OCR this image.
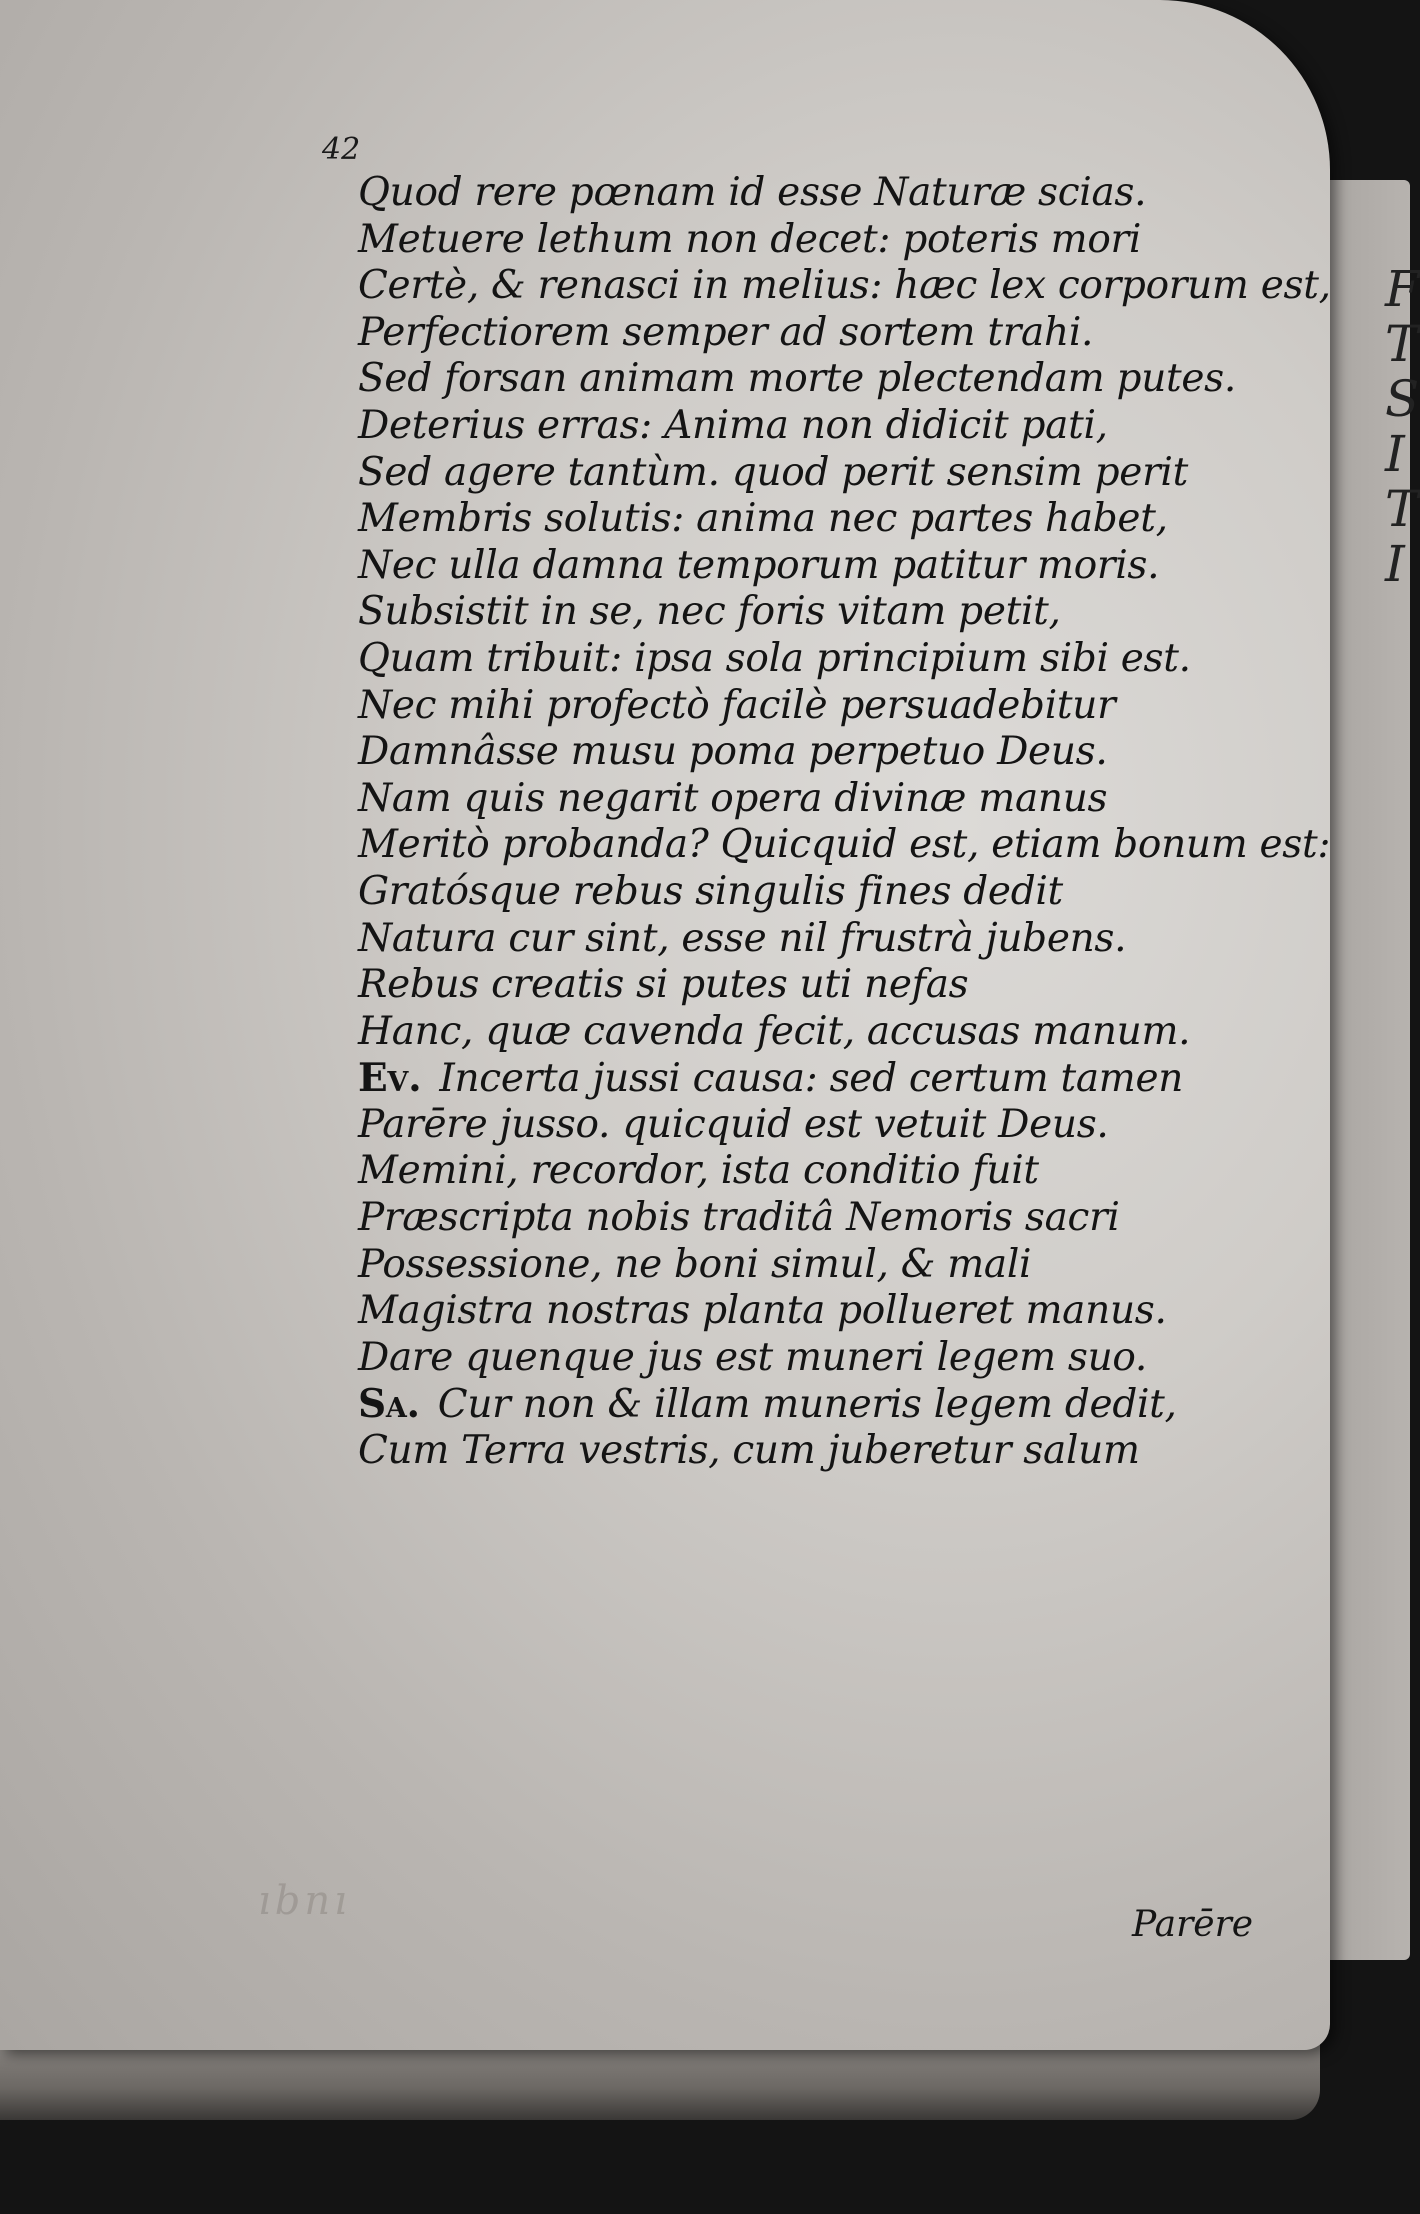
F
T
S
I
T
I
42
Quod rere pœnam id esse Naturæ scias.
Metuere lethum non decet: poteris mori
Certè, & renasci in melius: hæc lex corporum est,
Perfectiorem semper ad sortem trahi.
Sed forsan animam morte plectendam putes.
Deterius erras: Anima non didicit pati,
Sed agere tantùm. quod perit sensim perit
Membris solutis: anima nec partes habet,
Nec ulla damna temporum patitur moris.
Subsistit in se, nec foris vitam petit,
Quam tribuit: ipsa sola principium sibi est.
Nec mihi profectò facilè persuadebitur
Damnâsse musu poma perpetuo Deus.
Nam quis negarit opera divinæ manus
Meritò probanda? Quicquid est, etiam bonum est:
Gratósque rebus singulis fines dedit
Natura cur sint, esse nil frustrà jubens.
Rebus creatis si putes uti nefas
Hanc, quæ cavenda fecit, accusas manum.
Ev. Incerta jussi causa: sed certum tamen
Parēre jusso. quicquid est vetuit Deus.
Memini, recordor, ista conditio fuit
Præscripta nobis traditâ Nemoris sacri
Possessione, ne boni simul, & mali
Magistra nostras planta pollueret manus.
Dare quenque jus est muneri legem suo.
Sa. Cur non & illam muneris legem dedit,
Cum Terra vestris, cum juberetur salum
ıbnı
Parēre
